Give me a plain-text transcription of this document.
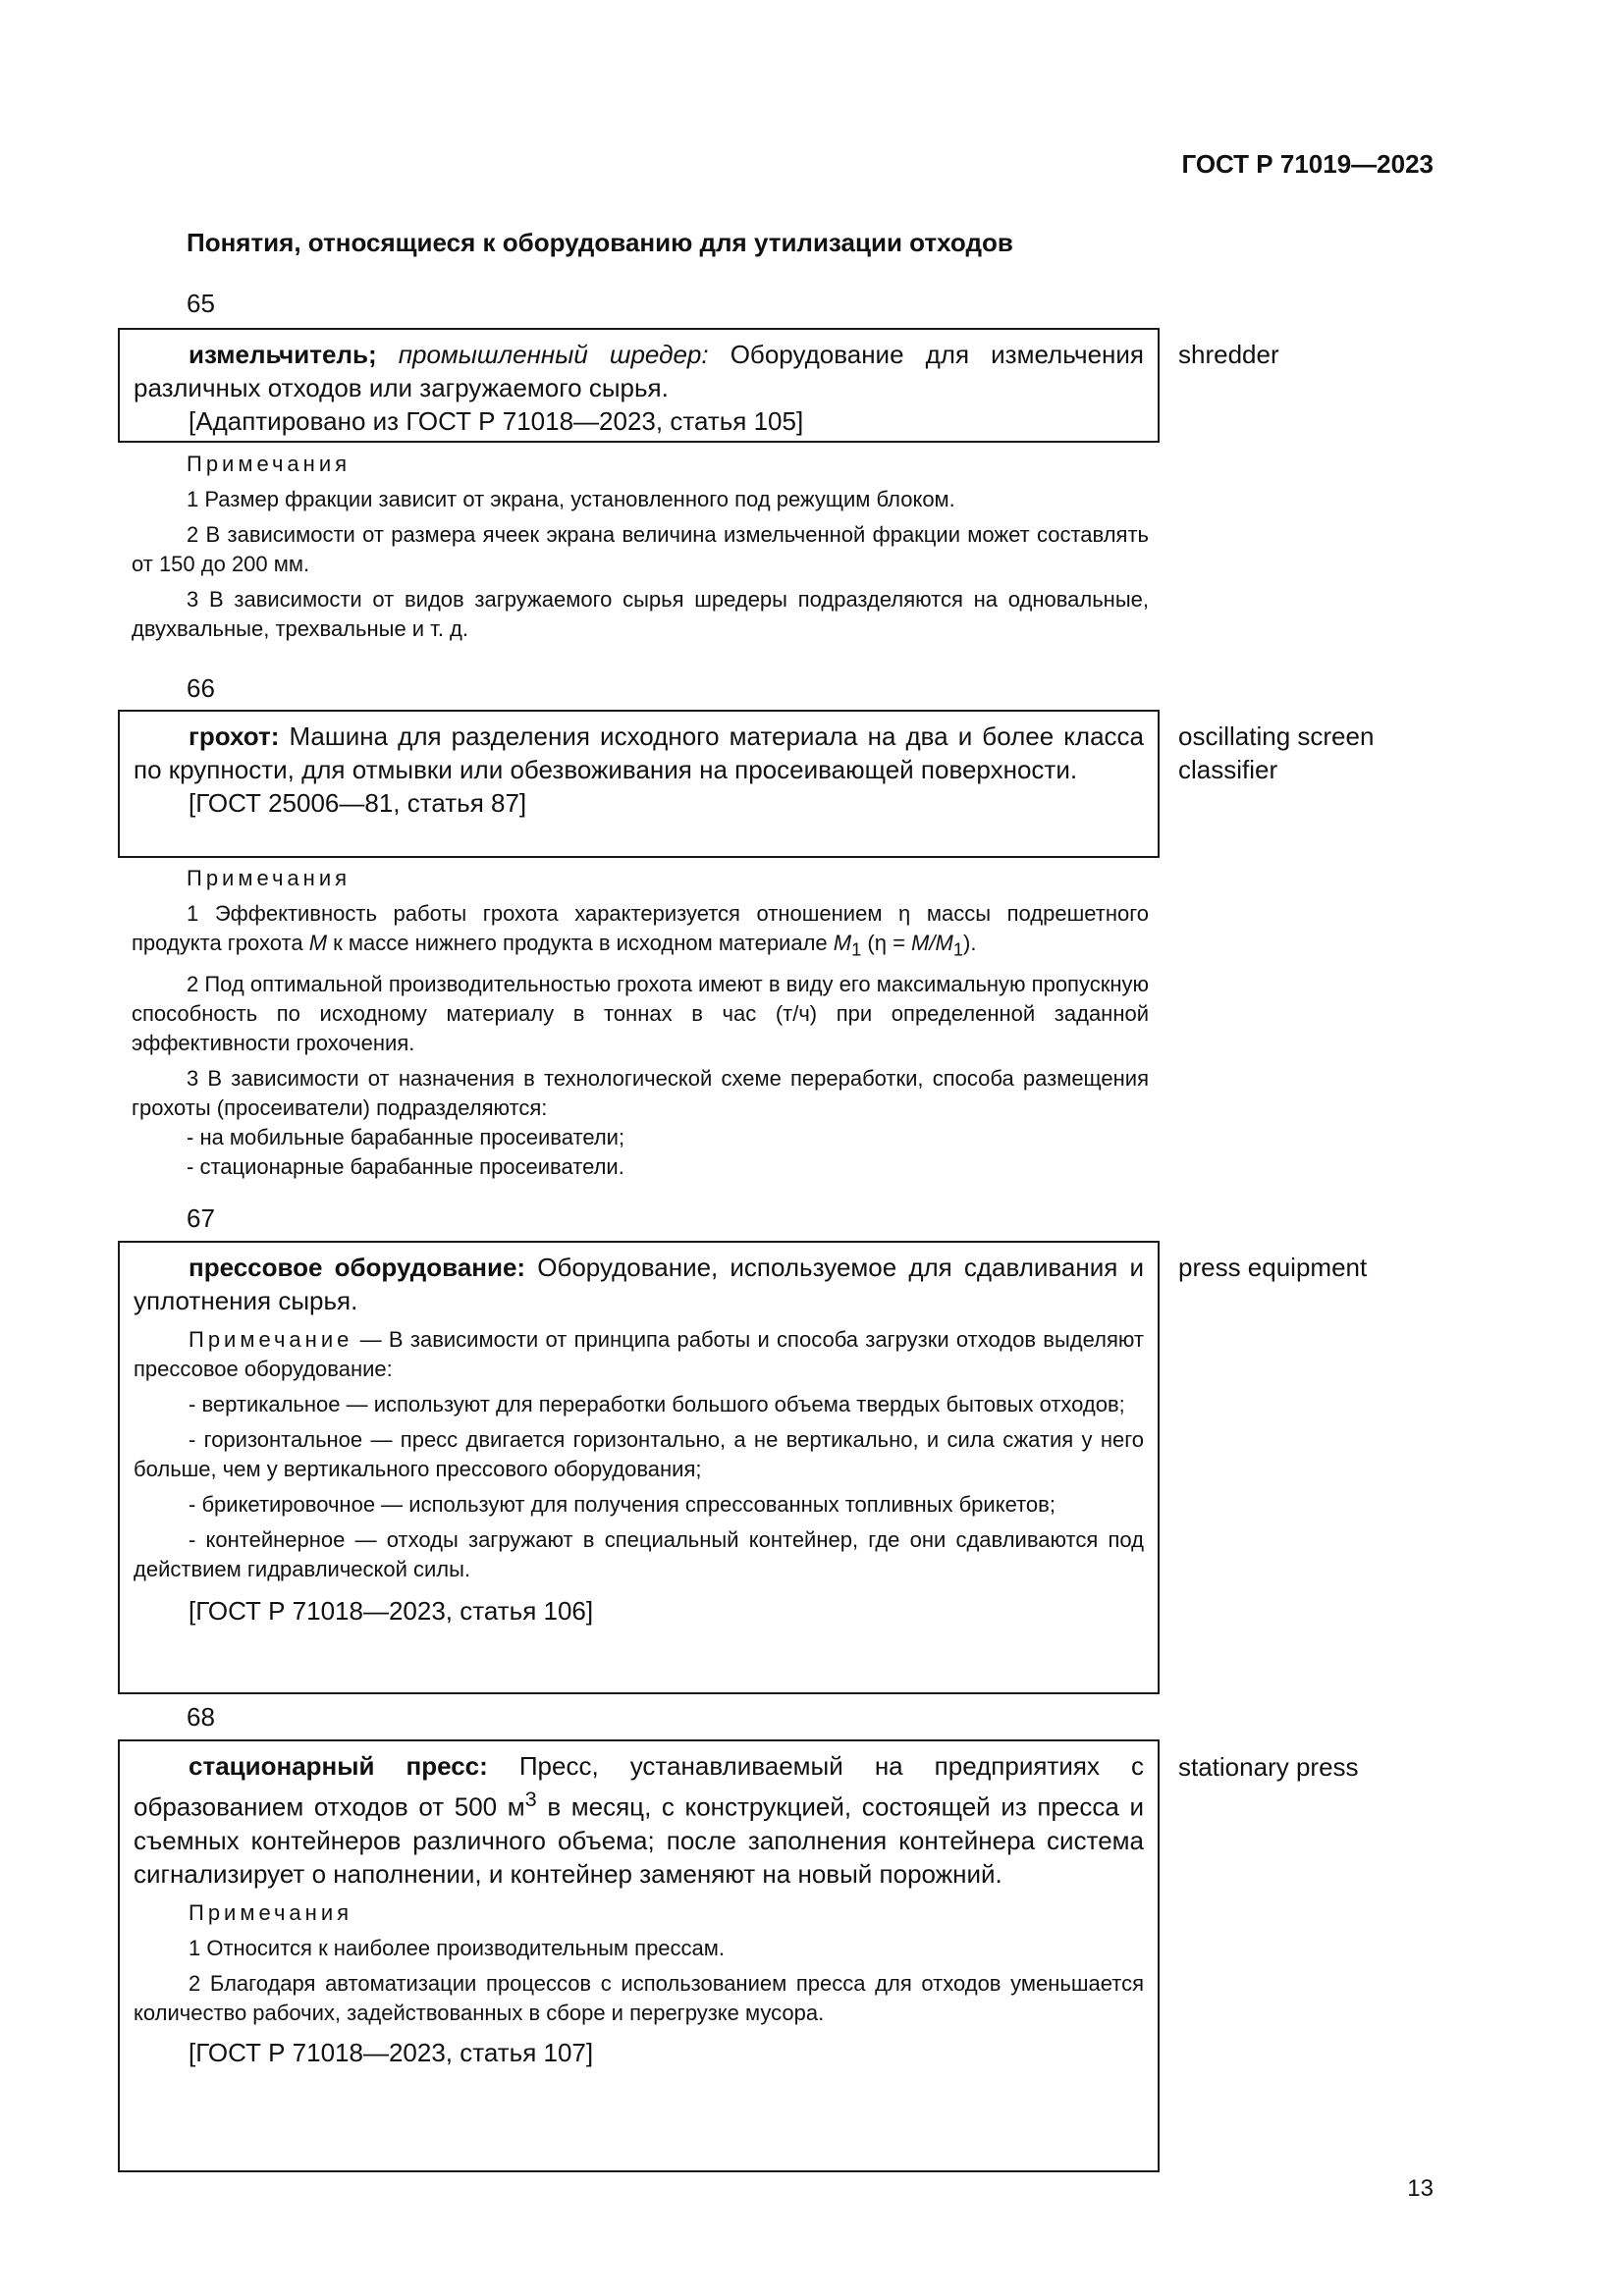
ГОСТ Р 71019—2023
Понятия, относящиеся к оборудованию для утилизации отходов
65

измельчитель; промышленный шредер: Оборудование для измельчения различных отходов или загружаемого сырья.

[Адаптировано из ГОСТ Р 71018—2023, статья 105]

shredder

Примечания

1 Размер фракции зависит от экрана, установленного под режущим блоком.

2 В зависимости от размера ячеек экрана величина измельченной фракции может составлять от 150 до 200 мм.

3 В зависимости от видов загружаемого сырья шредеры подразделяются на одновальные, двухвальные, трехвальные и т. д.

66

грохот: Машина для разделения исходного материала на два и более класса по крупности, для отмывки или обезвоживания на просеивающей поверхности.

[ГОСТ 25006—81, статья 87]

oscillating screen
classifier

Примечания

1 Эффективность работы грохота характеризуется отношением η массы подрешетного продукта грохота M к массе нижнего продукта в исходном материале $M_1$ $(\eta = M/M_1)$.

2 Под оптимальной производительностью грохота имеют в виду его максимальную пропускную способность по исходному материалу в тоннах в час (т/ч) при определенной заданной эффективности грохочения.

3 В зависимости от назначения в технологической схеме переработки, способа размещения грохоты (просеиватели) подразделяются:

- на мобильные барабанные просеиватели;

- стационарные барабанные просеиватели.

67

прессовое оборудование: Оборудование, используемое для сдавливания и уплотнения сырья.

Примечание — В зависимости от принципа работы и способа загрузки отходов выделяют прессовое оборудование:

- вертикальное — используют для переработки большого объема твердых бытовых отходов;

- горизонтальное — пресс двигается горизонтально, а не вертикально, и сила сжатия у него больше, чем у вертикального прессового оборудования;

- брикетировочное — используют для получения спрессованных топливных брикетов;

- контейнерное — отходы загружают в специальный контейнер, где они сдавливаются под действием гидравлической силы.

[ГОСТ Р 71018—2023, статья 106]

press equipment
68

стационарный пресс: Пресс, устанавливаемый на предприятиях с образованием отходов от 500 $м^3$ в месяц, с конструкцией, состоящей из пресса и съемных контейнеров различного объема; после заполнения контейнера система сигнализирует о наполнении, и контейнер заменяют на новый порожний.

Примечания

1 Относится к наиболее производительным прессам.

2 Благодаря автоматизации процессов с использованием пресса для отходов уменьшается количество рабочих, задействованных в сборе и перегрузке мусора.

[ГОСТ Р 71018—2023, статья 107]

stationary press
13
